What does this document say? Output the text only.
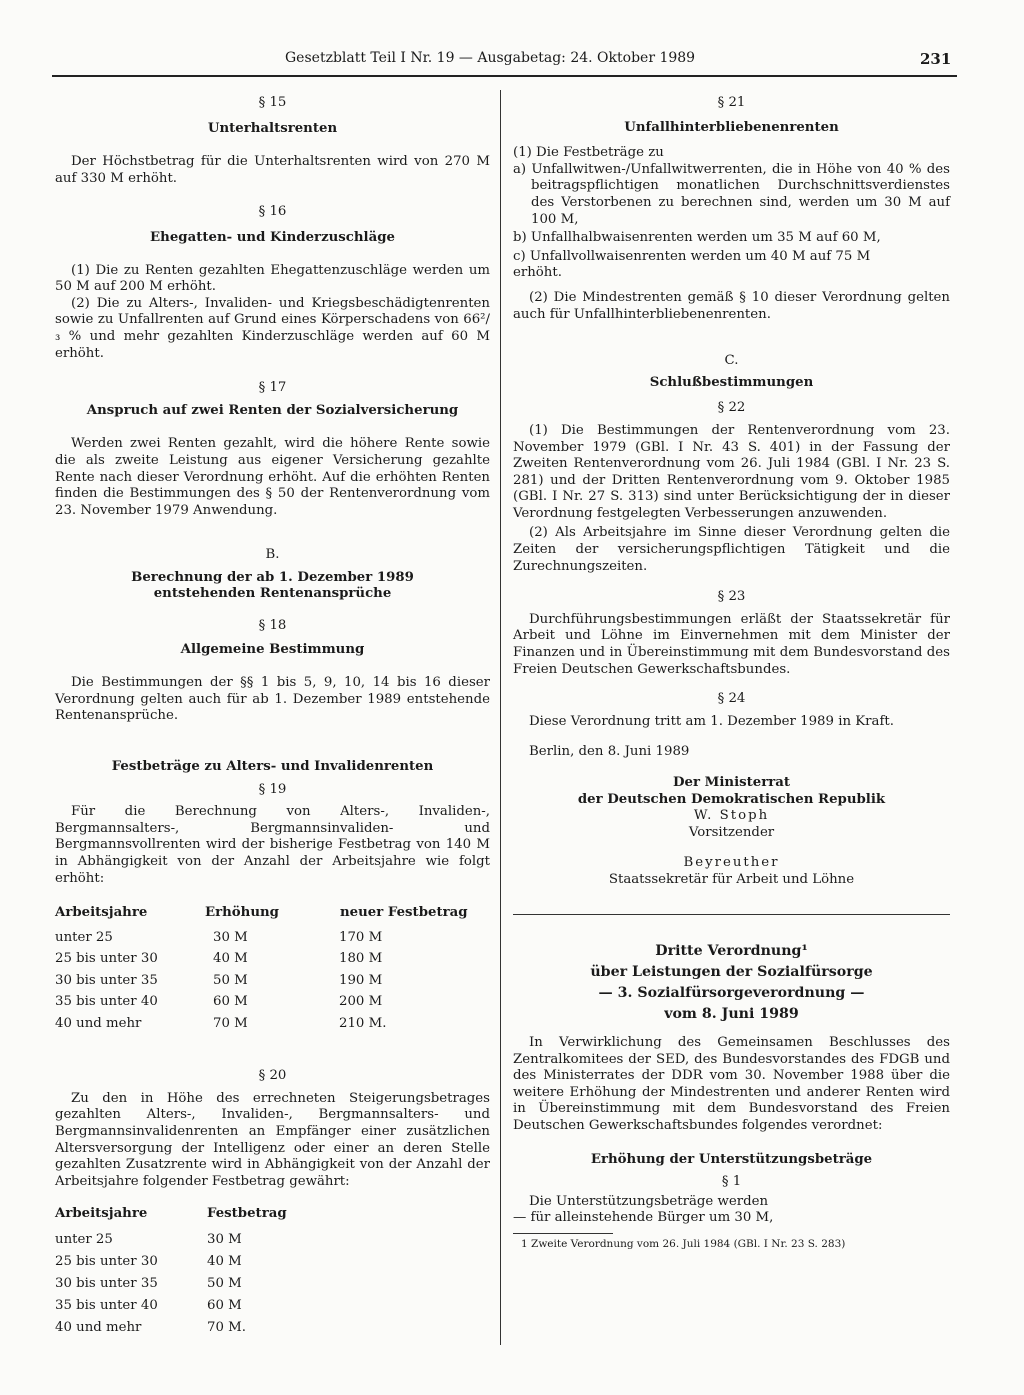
Gesetzblatt Teil I Nr. 19 — Ausgabetag: 24. Oktober 1989	231

§ 15

Unterhaltsrenten

Der Höchstbetrag für die Unterhaltsrenten wird von 270 M auf 330 M erhöht.

§ 16

Ehegatten- und Kinderzuschläge

(1) Die zu Renten gezahlten Ehegattenzuschläge werden um 50 M auf 200 M erhöht.

(2) Die zu Alters-, Invaliden- und Kriegsbeschädigtenrenten sowie zu Unfallrenten auf Grund eines Körperschadens von 66²/₃ % und mehr gezahlten Kinderzuschläge werden auf 60 M erhöht.

§ 17

Anspruch auf zwei Renten der Sozialversicherung

Werden zwei Renten gezahlt, wird die höhere Rente sowie die als zweite Leistung aus eigener Versicherung gezahlte Rente nach dieser Verordnung erhöht. Auf die erhöhten Renten finden die Bestimmungen des § 50 der Rentenverordnung vom 23. November 1979 Anwendung.

B.

Berechnung der ab 1. Dezember 1989

entstehenden Rentenansprüche

§ 18

Allgemeine Bestimmung

Die Bestimmungen der §§ 1 bis 5, 9, 10, 14 bis 16 dieser Verordnung gelten auch für ab 1. Dezember 1989 entstehende Rentenansprüche.

Festbeträge zu Alters- und Invalidenrenten

§ 19

Für die Berechnung von Alters-, Invaliden-, Bergmannsalters-, Bergmannsinvaliden- und Bergmannsvollrenten wird der bisherige Festbetrag von 140 M in Abhängigkeit von der Anzahl der Arbeitsjahre wie folgt erhöht:

Arbeitsjahre	Erhöhung	neuer Festbetrag
unter 25	30 M	170 M
25 bis unter 30	40 M	180 M
30 bis unter 35	50 M	190 M
35 bis unter 40	60 M	200 M
40 und mehr	70 M	210 M.

§ 20

Zu den in Höhe des errechneten Steigerungsbetrages gezahlten Alters-, Invaliden-, Bergmannsalters- und Bergmannsinvalidenrenten an Empfänger einer zusätzlichen Altersversorgung der Intelligenz oder einer an deren Stelle gezahlten Zusatzrente wird in Abhängigkeit von der Anzahl der Arbeitsjahre folgender Festbetrag gewährt:

Arbeitsjahre	Festbetrag
unter 25	30 M
25 bis unter 30	40 M
30 bis unter 35	50 M
35 bis unter 40	60 M
40 und mehr	70 M.

§ 21

Unfallhinterbliebenenrenten

(1) Die Festbeträge zu

a) Unfallwitwen-/Unfallwitwerrenten, die in Höhe von 40 % des beitragspflichtigen monatlichen Durchschnittsverdienstes des Verstorbenen zu berechnen sind, werden um 30 M auf 100 M,

b) Unfallhalbwaisenrenten werden um 35 M auf 60 M,

c) Unfallvollwaisenrenten werden um 40 M auf 75 M

erhöht.

(2) Die Mindestrenten gemäß § 10 dieser Verordnung gelten auch für Unfallhinterbliebenenrenten.

C.

Schlußbestimmungen

§ 22

(1) Die Bestimmungen der Rentenverordnung vom 23. November 1979 (GBl. I Nr. 43 S. 401) in der Fassung der Zweiten Rentenverordnung vom 26. Juli 1984 (GBl. I Nr. 23 S. 281) und der Dritten Rentenverordnung vom 9. Oktober 1985 (GBl. I Nr. 27 S. 313) sind unter Berücksichtigung der in dieser Verordnung festgelegten Verbesserungen anzuwenden.

(2) Als Arbeitsjahre im Sinne dieser Verordnung gelten die Zeiten der versicherungspflichtigen Tätigkeit und die Zurechnungszeiten.

§ 23

Durchführungsbestimmungen erläßt der Staatssekretär für Arbeit und Löhne im Einvernehmen mit dem Minister der Finanzen und in Übereinstimmung mit dem Bundesvorstand des Freien Deutschen Gewerkschaftsbundes.

§ 24

Diese Verordnung tritt am 1. Dezember 1989 in Kraft.

Berlin, den 8. Juni 1989

Der Ministerrat

der Deutschen Demokratischen Republik

W. Stoph

Vorsitzender

Beyreuther

Staatssekretär für Arbeit und Löhne

Dritte Verordnung¹

über Leistungen der Sozialfürsorge

— 3. Sozialfürsorgeverordnung —

vom 8. Juni 1989

In Verwirklichung des Gemeinsamen Beschlusses des Zentralkomitees der SED, des Bundesvorstandes des FDGB und des Ministerrates der DDR vom 30. November 1988 über die weitere Erhöhung der Mindestrenten und anderer Renten wird in Übereinstimmung mit dem Bundesvorstand des Freien Deutschen Gewerkschaftsbundes folgendes verordnet:

Erhöhung der Unterstützungsbeträge

§ 1

Die Unterstützungsbeträge werden

— für alleinstehende Bürger um 30 M,

1 Zweite Verordnung vom 26. Juli 1984 (GBl. I Nr. 23 S. 283)
